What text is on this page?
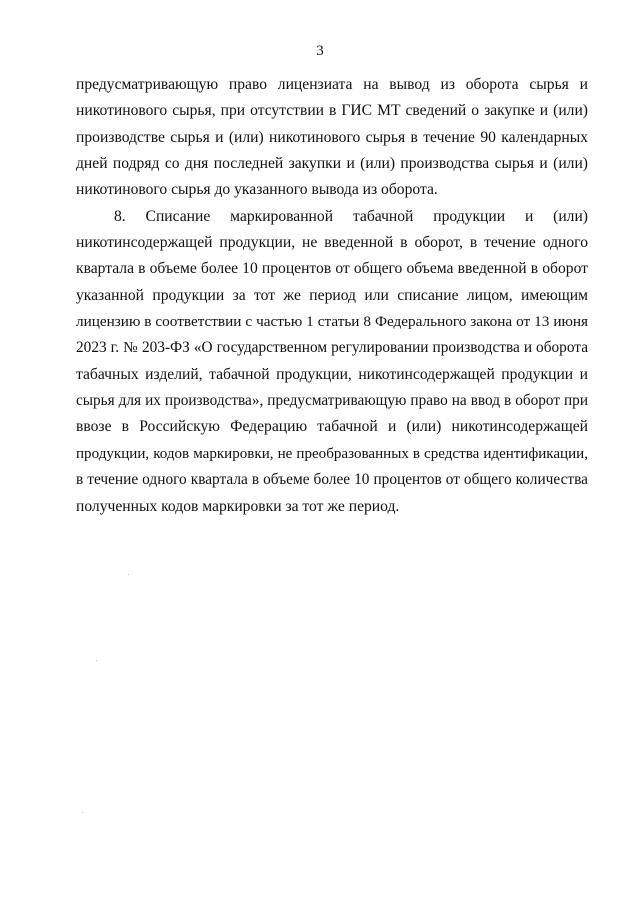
3

предусматривающую право лицензиата на вывод из оборота сырья и
никотинового сырья, при отсутствии в ГИС МТ сведений о закупке и (или)
производстве сырья и (или) никотинового сырья в течение 90 календарных
дней подряд со дня последней закупки и (или) производства сырья и (или)
никотинового сырья до указанного вывода из оборота.

8. Списание маркированной табачной продукции и (или)
никотинсодержащей продукции, не введенной в оборот, в течение одного
квартала в объеме более 10 процентов от общего объема введенной в оборот
указанной продукции за тот же период или списание лицом, имеющим
лицензию в соответствии с частью 1 статьи 8 Федерального закона от 13 июня
2023 г. № 203-ФЗ «О государственном регулировании производства и оборота
табачных изделий, табачной продукции, никотинсодержащей продукции и
сырья для их производства», предусматривающую право на ввод в оборот при
ввозе в Российскую Федерацию табачной и (или) никотинсодержащей
продукции, кодов маркировки, не преобразованных в средства идентификации,
в течение одного квартала в объеме более 10 процентов от общего количества
полученных кодов маркировки за тот же период.
